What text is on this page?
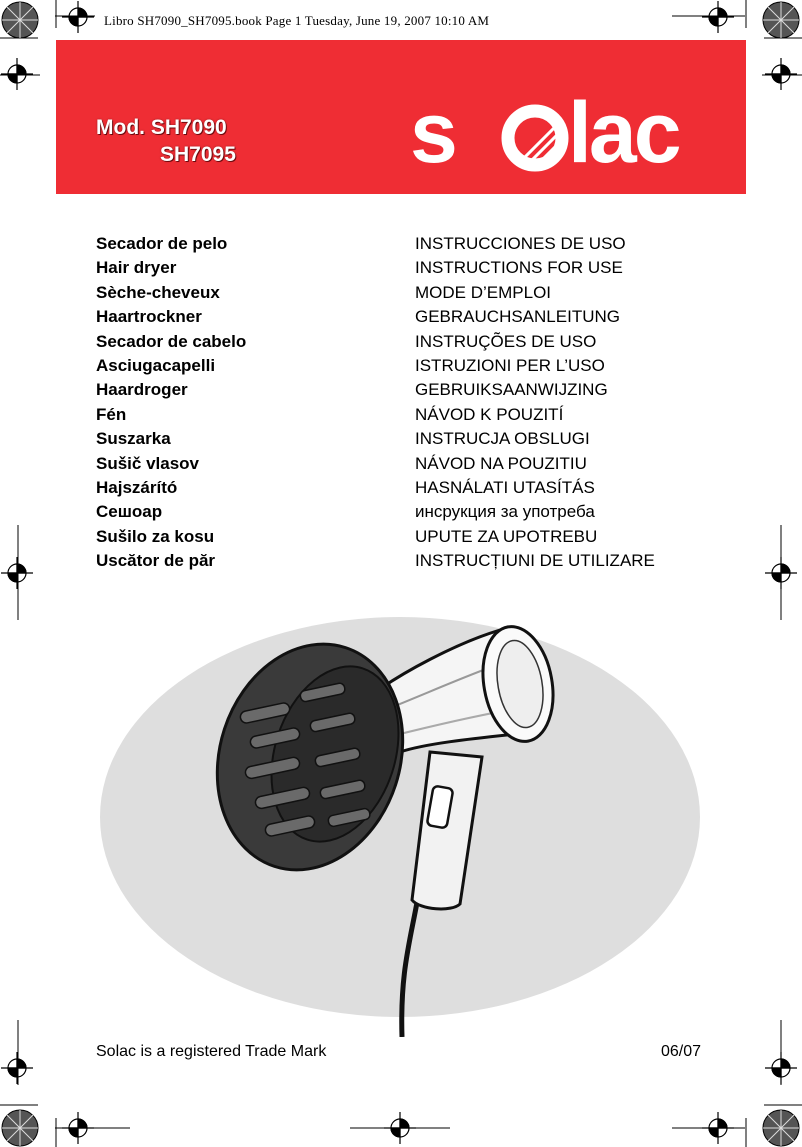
Libro SH7090_SH7095.book Page 1 Tuesday, June 19, 2007 10:10 AM
Mod. SH7090
SH7095 s lac
Secador de pelo	INSTRUCCIONES DE USO
Hair dryer	INSTRUCTIONS FOR USE
Sèche-cheveux	MODE D’EMPLOI
Haartrockner	GEBRAUCHSANLEITUNG
Secador de cabelo	INSTRUÇÕES DE USO
Asciugacapelli	ISTRUZIONI PER L’USO
Haardroger	GEBRUIKSAANWIJZING
Fén	NÁVOD K POUZITÍ
Suszarka	INSTRUCJA OBSLUGI
Sušič vlasov	NÁVOD NA POUZITIU
Hajszárító	HASNÁLATI UTASÍTÁS
Сешоар	инсрукция за употреба
Sušilo za kosu	UPUTE ZA UPOTREBU
Uscător de păr	INSTRUCȚIUNI DE UTILIZARE
Solac is a registered Trade Mark	06/07
